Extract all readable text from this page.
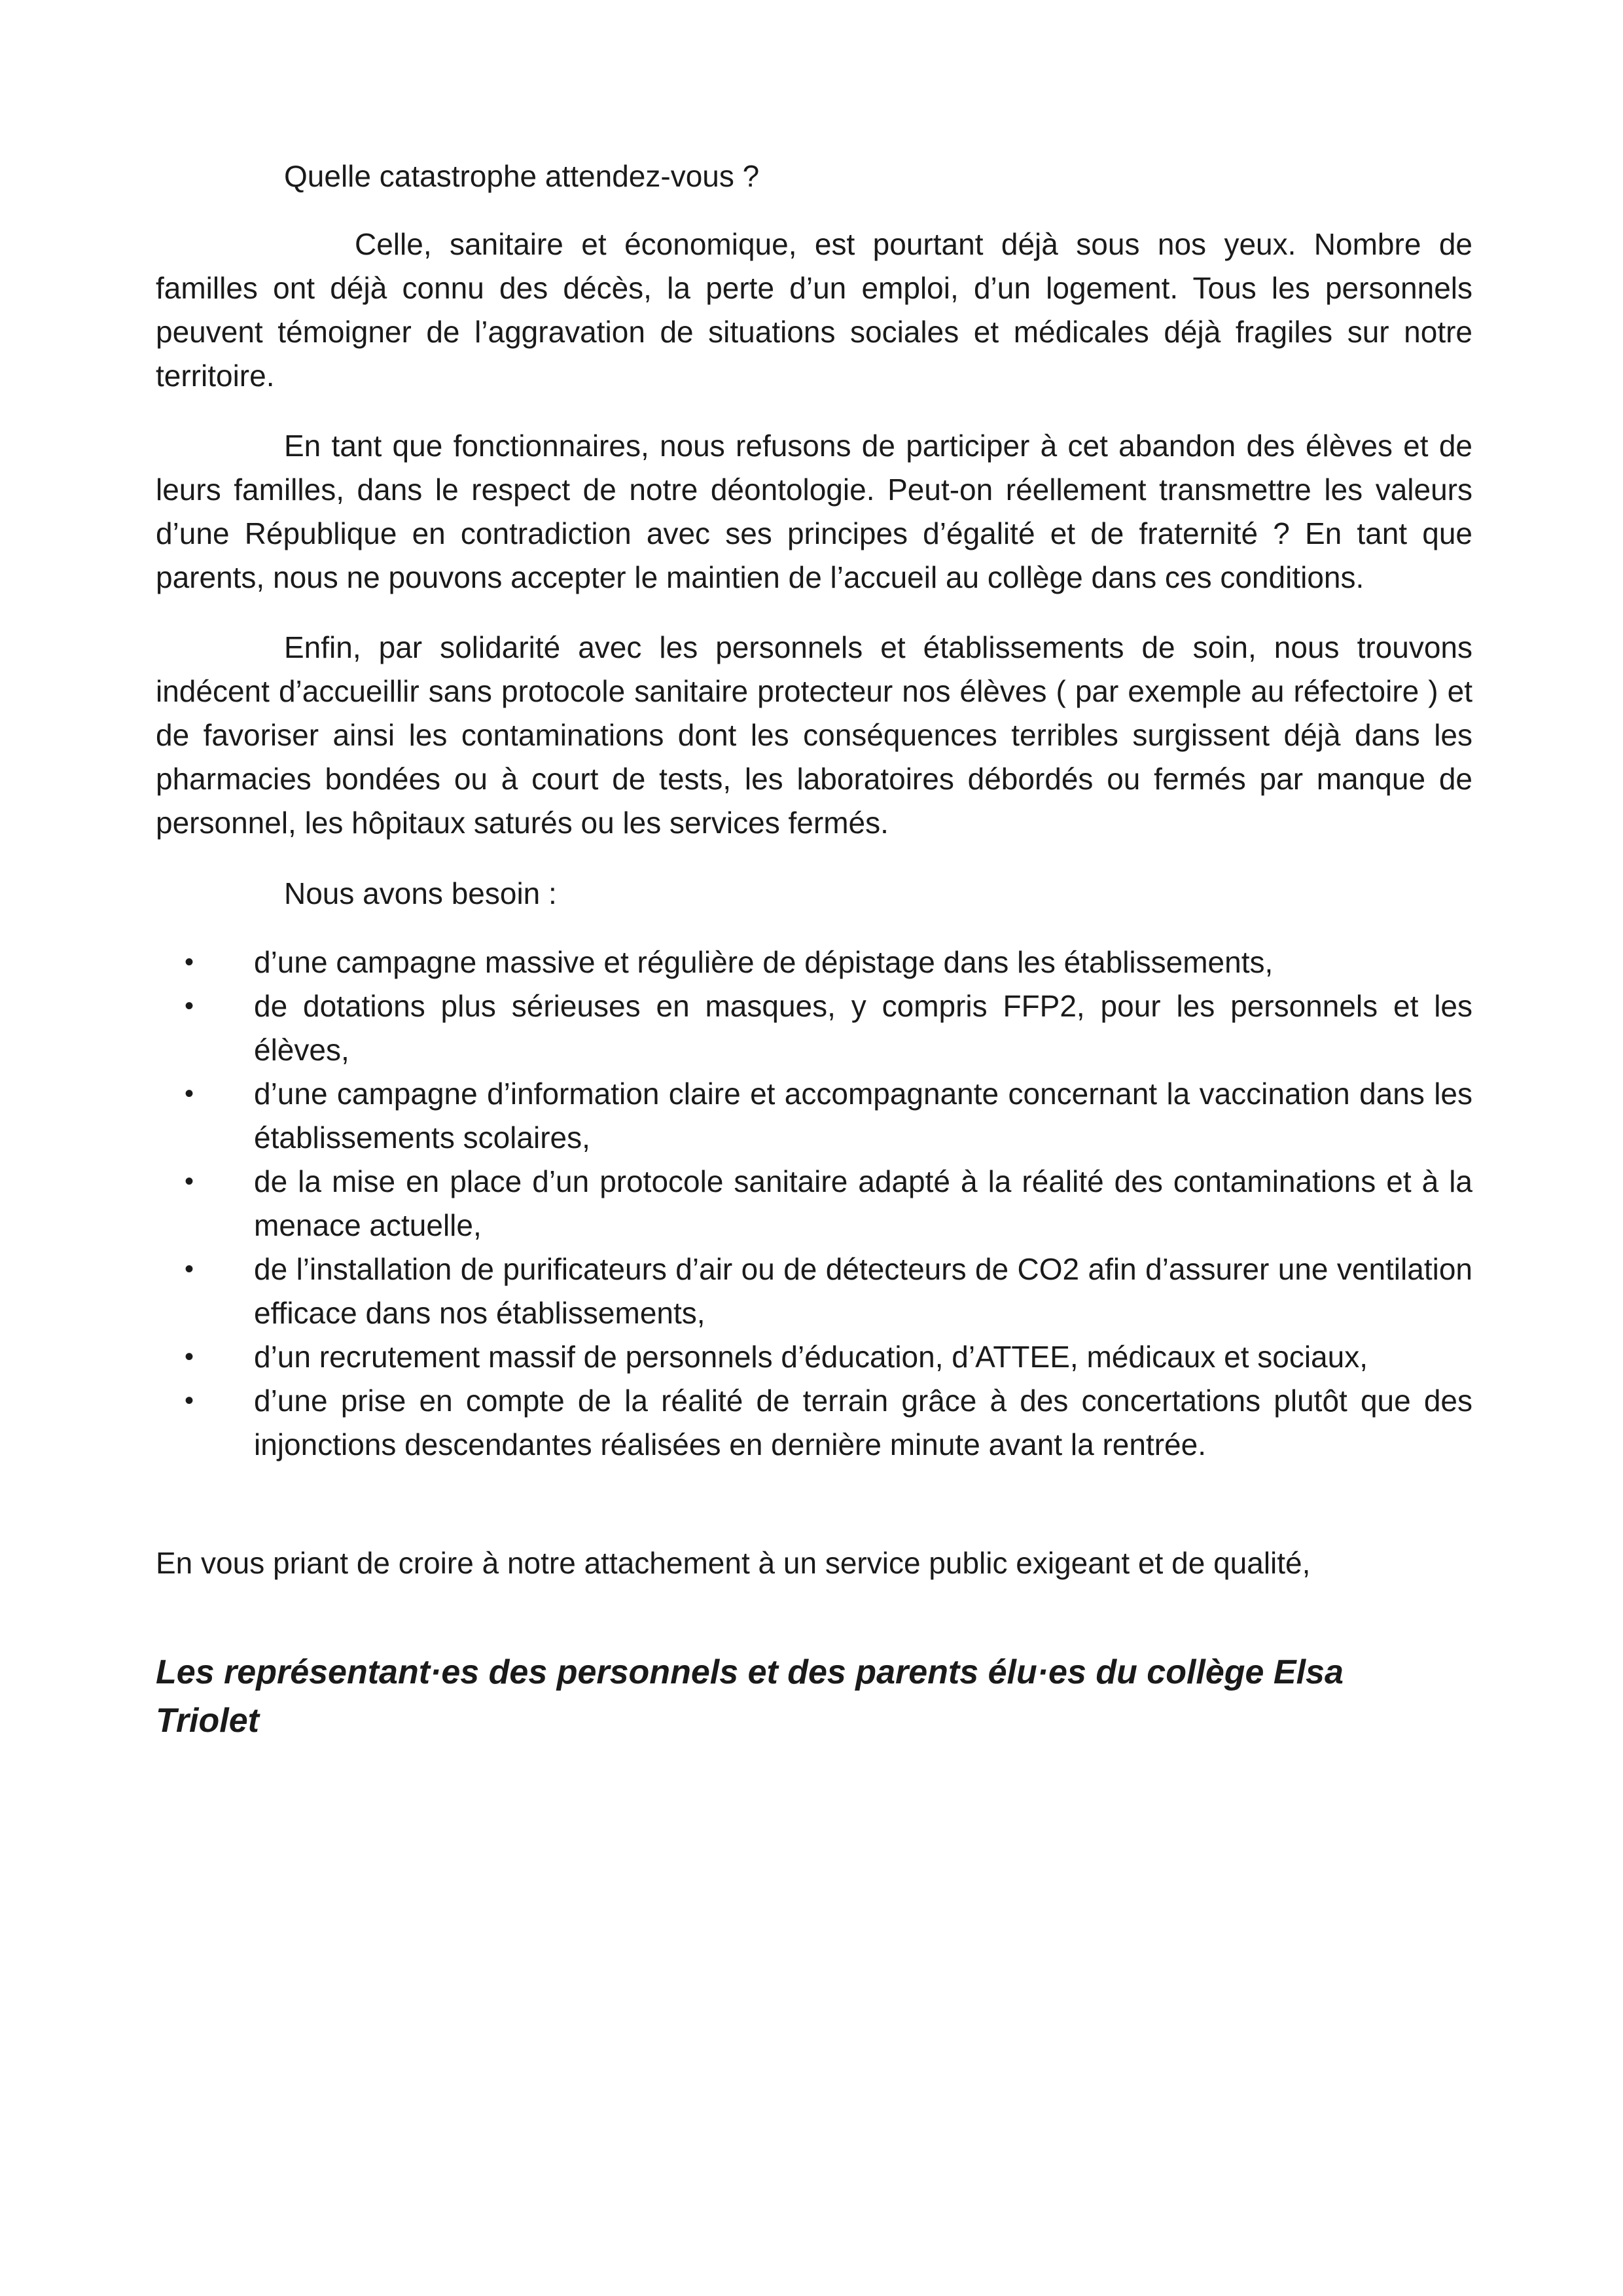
Quelle catastrophe attendez-vous ?

Celle, sanitaire et économique, est pourtant déjà sous nos yeux. Nombre de familles ont déjà connu des décès, la perte d’un emploi, d’un logement. Tous les personnels peuvent témoigner de l’aggravation de situations sociales et médicales déjà fragiles sur notre territoire.

En tant que fonctionnaires, nous refusons de participer à cet abandon des élèves et de leurs familles, dans le respect de notre déontologie. Peut-on réellement transmettre les valeurs d’une République en contradiction avec ses principes d’égalité et de fraternité ? En tant que parents, nous ne pouvons accepter le maintien de l’accueil au collège dans ces conditions.

Enfin, par solidarité avec les personnels et établissements de soin, nous trouvons indécent d’accueillir sans protocole sanitaire protecteur nos élèves ( par exemple au réfectoire ) et de favoriser ainsi les contaminations dont les conséquences terribles surgissent déjà dans les pharmacies bondées ou à court de tests, les laboratoires débordés ou fermés par manque de personnel, les hôpitaux saturés ou les services fermés.

Nous avons besoin :

• d’une campagne massive et régulière de dépistage dans les établissements,
• de dotations plus sérieuses en masques, y compris FFP2, pour les personnels et les élèves,
• d’une campagne d’information claire et accompagnante concernant la vaccination dans les établissements scolaires,
• de la mise en place d’un protocole sanitaire adapté à la réalité des contaminations et à la menace actuelle,
• de l’installation de purificateurs d’air ou de détecteurs de CO2 afin d’assurer une ventilation efficace dans nos établissements,
• d’un recrutement massif de personnels d’éducation, d’ATTEE, médicaux et sociaux,
• d’une prise en compte de la réalité de terrain grâce à des concertations plutôt que des injonctions descendantes réalisées en dernière minute avant la rentrée.

En vous priant de croire à notre attachement à un service public exigeant et de qualité,

Les représentant·es des personnels et des parents élu·es du collège Elsa Triolet
